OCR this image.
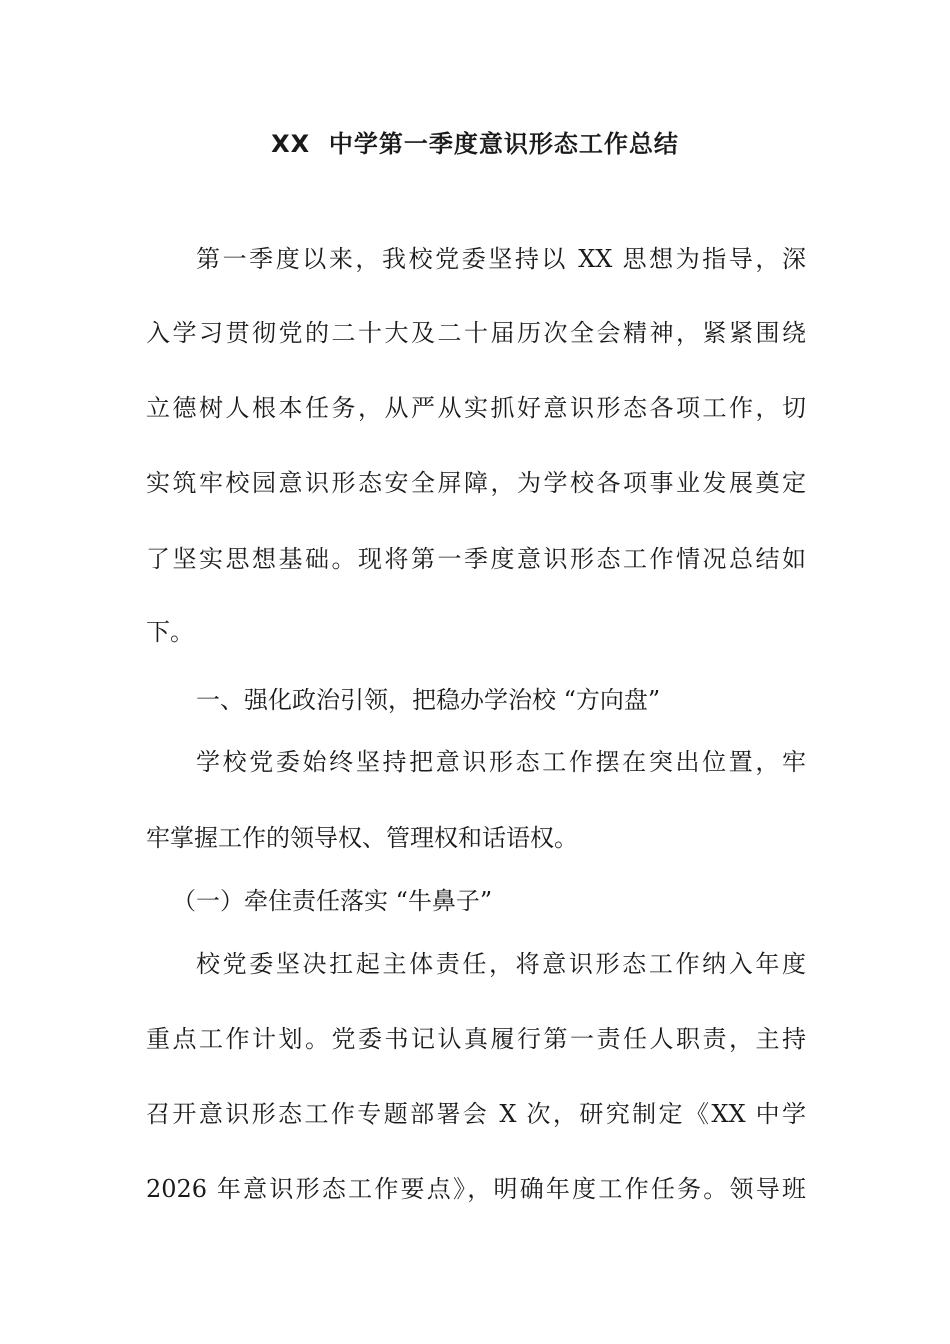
XX  中学第一季度意识形态工作总结
第一季度以来，我校党委坚持以 XX 思想为指导，深
入学习贯彻党的二十大及二十届历次全会精神，紧紧围绕
立德树人根本任务，从严从实抓好意识形态各项工作，切
实筑牢校园意识形态安全屏障，为学校各项事业发展奠定
了坚实思想基础。现将第一季度意识形态工作情况总结如
下。
一、强化政治引领，把稳办学治校 “方向盘”
学校党委始终坚持把意识形态工作摆在突出位置，牢
牢掌握工作的领导权、管理权和话语权。
（一）牵住责任落实 “牛鼻子”
校党委坚决扛起主体责任，将意识形态工作纳入年度
重点工作计划。党委书记认真履行第一责任人职责，主持
召开意识形态工作专题部署会 X 次，研究制定《XX 中学
2026 年意识形态工作要点》，明确年度工作任务。领导班
